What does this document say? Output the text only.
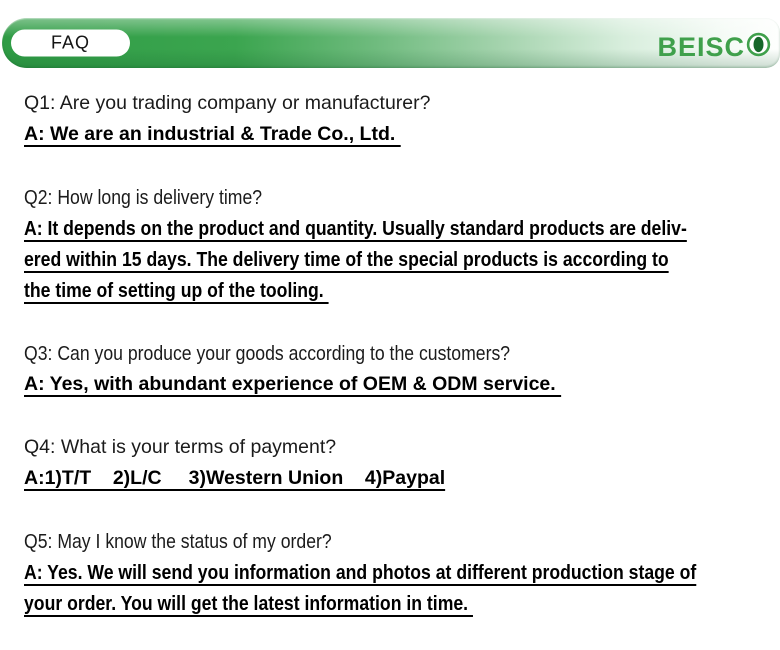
FAQ	BEISC
Q1: Are you trading company or manufacturer?
A: We are an industrial & Trade Co., Ltd.
Q2: How long is delivery time?
A: It depends on the product and quantity. Usually standard products are deliv-
ered within 15 days. The delivery time of the special products is according to
the time of setting up of the tooling.
Q3: Can you produce your goods according to the customers?
A: Yes, with abundant experience of OEM & ODM service.
Q4: What is your terms of payment?
A:1)T/T    2)L/C     3)Western Union    4)Paypal
Q5: May I know the status of my order?
A: Yes. We will send you information and photos at different production stage of
your order. You will get the latest information in time.
